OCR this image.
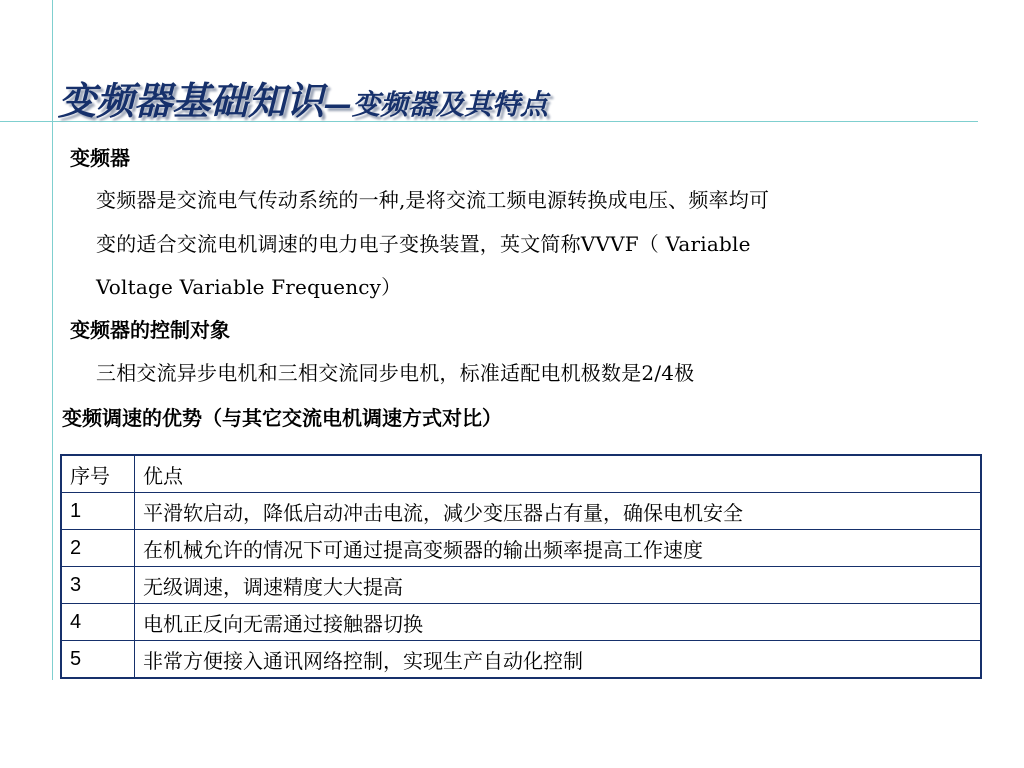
变频器基础知识—变频器及其特点
变频器
变频器是交流电气传动系统的一种,是将交流工频电源转换成电压、频率均可
变的适合交流电机调速的电力电子变换装置，英文简称VVVF（ Variable
Voltage Variable Frequency）
变频器的控制对象
三相交流异步电机和三相交流同步电机，标准适配电机极数是2/4极
变频调速的优势（与其它交流电机调速方式对比）
序号	优点
1	平滑软启动，降低启动冲击电流，减少变压器占有量，确保电机安全
2	在机械允许的情况下可通过提高变频器的输出频率提高工作速度
3	无级调速，调速精度大大提高
4	电机正反向无需通过接触器切换
5	非常方便接入通讯网络控制，实现生产自动化控制
